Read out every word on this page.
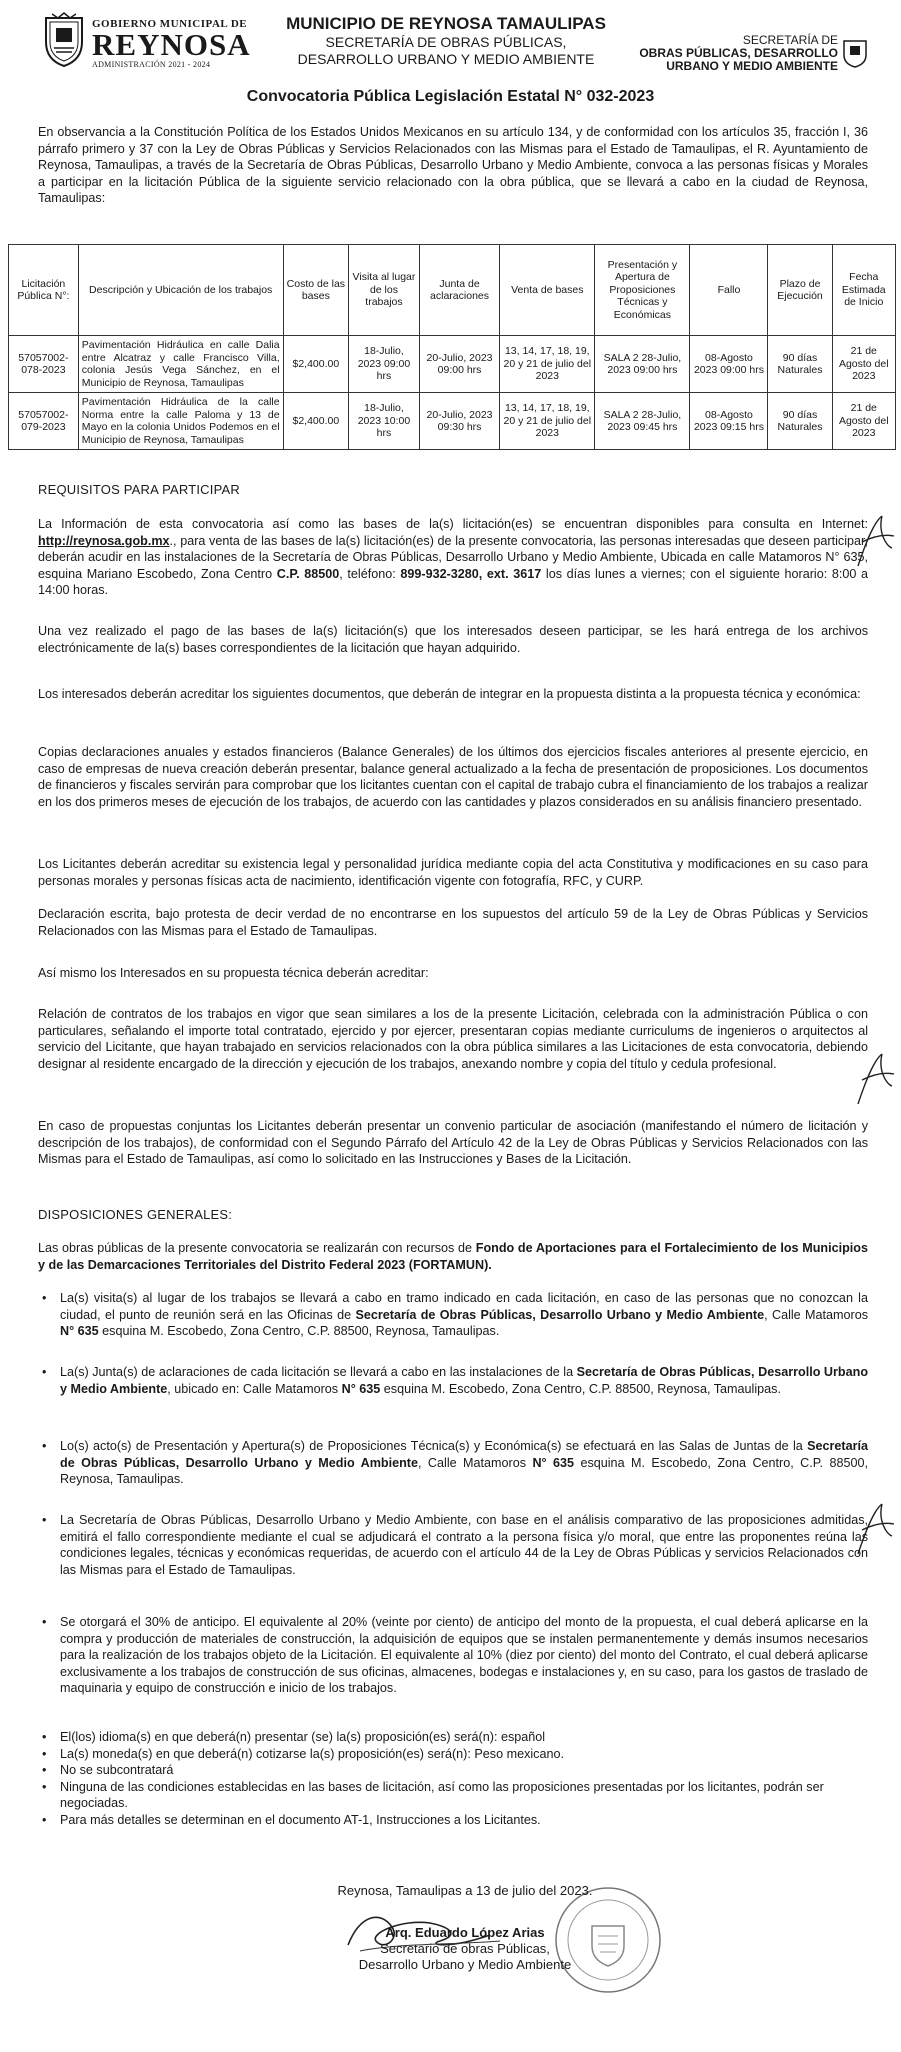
GOBIERNO MUNICIPAL DE
REYNOSA
ADMINISTRACIÓN 2021 - 2024
MUNICIPIO DE REYNOSA TAMAULIPAS
SECRETARÍA DE OBRAS PÚBLICAS,
DESARROLLO URBANO Y MEDIO AMBIENTE
SECRETARÍA DE
OBRAS PÚBLICAS, DESARROLLO
URBANO Y MEDIO AMBIENTE
Convocatoria Pública Legislación Estatal N° 032-2023

En observancia a la Constitución Política de los Estados Unidos Mexicanos en su artículo 134, y de conformidad con los artículos 35, fracción I, 36 párrafo primero y 37 con la Ley de Obras Públicas y Servicios Relacionados con las Mismas para el Estado de Tamaulipas, el R. Ayuntamiento de Reynosa, Tamaulipas, a través de la Secretaría de Obras Públicas, Desarrollo Urbano y Medio Ambiente, convoca a las personas físicas y Morales a participar en la licitación Pública de la siguiente servicio relacionado con la obra pública, que se llevará a cabo en la ciudad de Reynosa, Tamaulipas:

Licitación Pública N°:	Descripción y Ubicación de los trabajos	Costo de las bases	Visita al lugar de los trabajos	Junta de aclaraciones	Venta de bases	Presentación y Apertura de Proposiciones Técnicas y Económicas	Fallo	Plazo de Ejecución	Fecha Estimada de Inicio
57057002-078-2023	Pavimentación Hidráulica en calle Dalia entre Alcatraz y calle Francisco Villa, colonia Jesús Vega Sánchez, en el Municipio de Reynosa, Tamaulipas	$2,400.00	18-Julio, 2023 09:00 hrs	20-Julio, 2023 09:00 hrs	13, 14, 17, 18, 19, 20 y 21 de julio del 2023	SALA 2 28-Julio, 2023 09:00 hrs	08-Agosto 2023 09:00 hrs	90 días Naturales	21 de Agosto del 2023
57057002-079-2023	Pavimentación Hidráulica de la calle Norma entre la calle Paloma y 13 de Mayo en la colonia Unidos Podemos en el Municipio de Reynosa, Tamaulipas	$2,400.00	18-Julio, 2023 10:00 hrs	20-Julio, 2023 09:30 hrs	13, 14, 17, 18, 19, 20 y 21 de julio del 2023	SALA 2 28-Julio, 2023 09:45 hrs	08-Agosto 2023 09:15 hrs	90 días Naturales	21 de Agosto del 2023
REQUISITOS PARA PARTICIPAR

La Información de esta convocatoria así como las bases de la(s) licitación(es) se encuentran disponibles para consulta en Internet: http://reynosa.gob.mx., para venta de las bases de la(s) licitación(es) de la presente convocatoria, las personas interesadas que deseen participar, deberán acudir en las instalaciones de la Secretaría de Obras Públicas, Desarrollo Urbano y Medio Ambiente, Ubicada en calle Matamoros N° 635, esquina Mariano Escobedo, Zona Centro C.P. 88500, teléfono: 899-932-3280, ext. 3617 los días lunes a viernes; con el siguiente horario: 8:00 a 14:00 horas.

Una vez realizado el pago de las bases de la(s) licitación(s) que los interesados deseen participar, se les hará entrega de los archivos electrónicamente de la(s) bases correspondientes de la licitación que hayan adquirido.

Los interesados deberán acreditar los siguientes documentos, que deberán de integrar en la propuesta distinta a la propuesta técnica y económica:

Copias declaraciones anuales y estados financieros (Balance Generales) de los últimos dos ejercicios fiscales anteriores al presente ejercicio, en caso de empresas de nueva creación deberán presentar, balance general actualizado a la fecha de presentación de proposiciones. Los documentos de financieros y fiscales servirán para comprobar que los licitantes cuentan con el capital de trabajo cubra el financiamiento de los trabajos a realizar en los dos primeros meses de ejecución de los trabajos, de acuerdo con las cantidades y plazos considerados en su análisis financiero presentado.

Los Licitantes deberán acreditar su existencia legal y personalidad jurídica mediante copia del acta Constitutiva y modificaciones en su caso para personas morales y personas físicas acta de nacimiento, identificación vigente con fotografía, RFC, y CURP.

Declaración escrita, bajo protesta de decir verdad de no encontrarse en los supuestos del artículo 59 de la Ley de Obras Públicas y Servicios Relacionados con las Mismas para el Estado de Tamaulipas.

Así mismo los Interesados en su propuesta técnica deberán acreditar:

Relación de contratos de los trabajos en vigor que sean similares a los de la presente Licitación, celebrada con la administración Pública o con particulares, señalando el importe total contratado, ejercido y por ejercer, presentaran copias mediante curriculums de ingenieros o arquitectos al servicio del Licitante, que hayan trabajado en servicios relacionados con la obra pública similares a las Licitaciones de esta convocatoria, debiendo designar al residente encargado de la dirección y ejecución de los trabajos, anexando nombre y copia del título y cedula profesional.

En caso de propuestas conjuntas los Licitantes deberán presentar un convenio particular de asociación (manifestando el número de licitación y descripción de los trabajos), de conformidad con el Segundo Párrafo del Artículo 42 de la Ley de Obras Públicas y Servicios Relacionados con las Mismas para el Estado de Tamaulipas, así como lo solicitado en las Instrucciones y Bases de la Licitación.

DISPOSICIONES GENERALES:

Las obras públicas de la presente convocatoria se realizarán con recursos de Fondo de Aportaciones para el Fortalecimiento de los Municipios y de las Demarcaciones Territoriales del Distrito Federal 2023 (FORTAMUN).

• La(s) visita(s) al lugar de los trabajos se llevará a cabo en tramo indicado en cada licitación, en caso de las personas que no conozcan la ciudad, el punto de reunión será en las Oficinas de Secretaría de Obras Públicas, Desarrollo Urbano y Medio Ambiente, Calle Matamoros N° 635 esquina M. Escobedo, Zona Centro, C.P. 88500, Reynosa, Tamaulipas.
• La(s) Junta(s) de aclaraciones de cada licitación se llevará a cabo en las instalaciones de la Secretaría de Obras Públicas, Desarrollo Urbano y Medio Ambiente, ubicado en: Calle Matamoros N° 635 esquina M. Escobedo, Zona Centro, C.P. 88500, Reynosa, Tamaulipas.
• Lo(s) acto(s) de Presentación y Apertura(s) de Proposiciones Técnica(s) y Económica(s) se efectuará en las Salas de Juntas de la Secretaría de Obras Públicas, Desarrollo Urbano y Medio Ambiente, Calle Matamoros N° 635 esquina M. Escobedo, Zona Centro, C.P. 88500, Reynosa, Tamaulipas.
• La Secretaría de Obras Públicas, Desarrollo Urbano y Medio Ambiente, con base en el análisis comparativo de las proposiciones admitidas, emitirá el fallo correspondiente mediante el cual se adjudicará el contrato a la persona física y/o moral, que entre las proponentes reúna las condiciones legales, técnicas y económicas requeridas, de acuerdo con el artículo 44 de la Ley de Obras Públicas y servicios Relacionados con las Mismas para el Estado de Tamaulipas.
• Se otorgará el 30% de anticipo. El equivalente al 20% (veinte por ciento) de anticipo del monto de la propuesta, el cual deberá aplicarse en la compra y producción de materiales de construcción, la adquisición de equipos que se instalen permanentemente y demás insumos necesarios para la realización de los trabajos objeto de la Licitación. El equivalente al 10% (diez por ciento) del monto del Contrato, el cual deberá aplicarse exclusivamente a los trabajos de construcción de sus oficinas, almacenes, bodegas e instalaciones y, en su caso, para los gastos de traslado de maquinaria y equipo de construcción e inicio de los trabajos.
• El(los) idioma(s) en que deberá(n) presentar (se) la(s) proposición(es) será(n): español
• La(s) moneda(s) en que deberá(n) cotizarse la(s) proposición(es) será(n): Peso mexicano.
• No se subcontratará
• Ninguna de las condiciones establecidas en las bases de licitación, así como las proposiciones presentadas por los licitantes, podrán ser negociadas.
• Para más detalles se determinan en el documento AT-1, Instrucciones a los Licitantes.
Reynosa, Tamaulipas a 13 de julio del 2023.
Arq. Eduardo López Arias
Secretario de obras Públicas,
Desarrollo Urbano y Medio Ambiente
